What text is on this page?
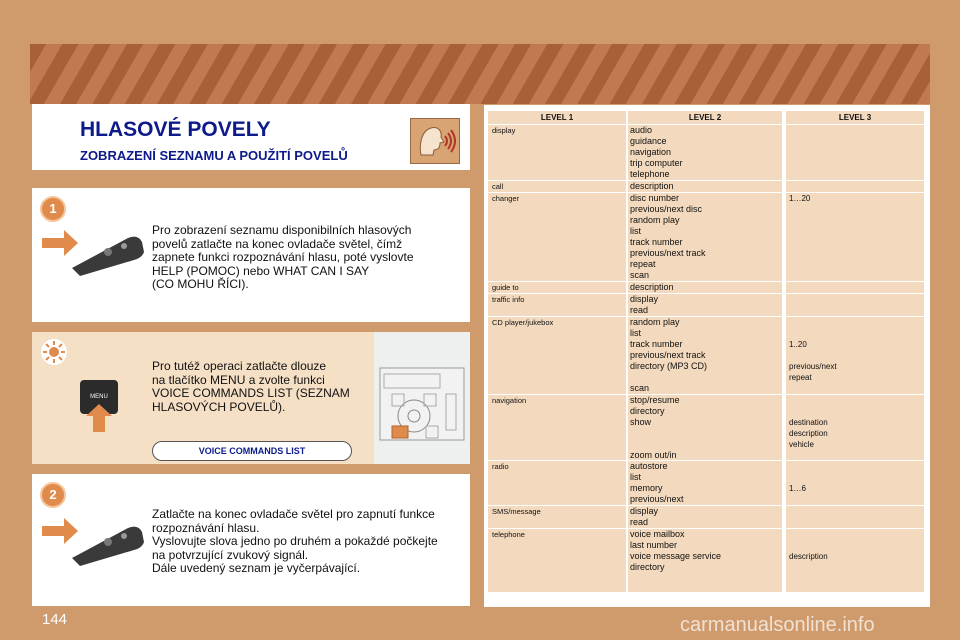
HLASOVÉ POVELY
ZOBRAZENÍ SEZNAMU A POUŽITÍ POVELŮ
1
Pro zobrazení seznamu disponibilních hlasových
povelů zatlačte na konec ovladače světel, čímž
zapnete funkci rozpoznávání hlasu, poté vyslovte
HELP (POMOC) nebo WHAT CAN I SAY
(CO MOHU ŘÍCI).
MENU
Pro tutéž operaci zatlačte dlouze
na tlačítko MENU a zvolte funkci
VOICE COMMANDS LIST (SEZNAM
HLASOVÝCH POVELŮ).
VOICE COMMANDS LIST
2
Zatlačte na konec ovladače světel pro zapnutí funkce
rozpoznávání hlasu.
Vyslovujte slova jedno po druhém a pokaždé počkejte
na potvrzující zvukový signál.
Dále uvedený seznam je vyčerpávající.
LEVEL 1
display
call
changer
guide to
traffic info
CD player/jukebox
navigation
radio
SMS/message
telephone
LEVEL 2
audio
guidance
navigation
trip computer
telephone
description
disc number
previous/next disc
random play
list
track number
previous/next track
repeat
scan
description
display
read
random play
list
track number
previous/next track
directory (MP3 CD)

scan
stop/resume
directory
show

zoom out/in
autostore
list
memory
previous/next
display
read
voice mailbox
last number
voice message service
directory
LEVEL 3
1…20

1..20

previous/next
repeat

destination
description
vehicle

1…6

description
144	carmanualsonline.info
